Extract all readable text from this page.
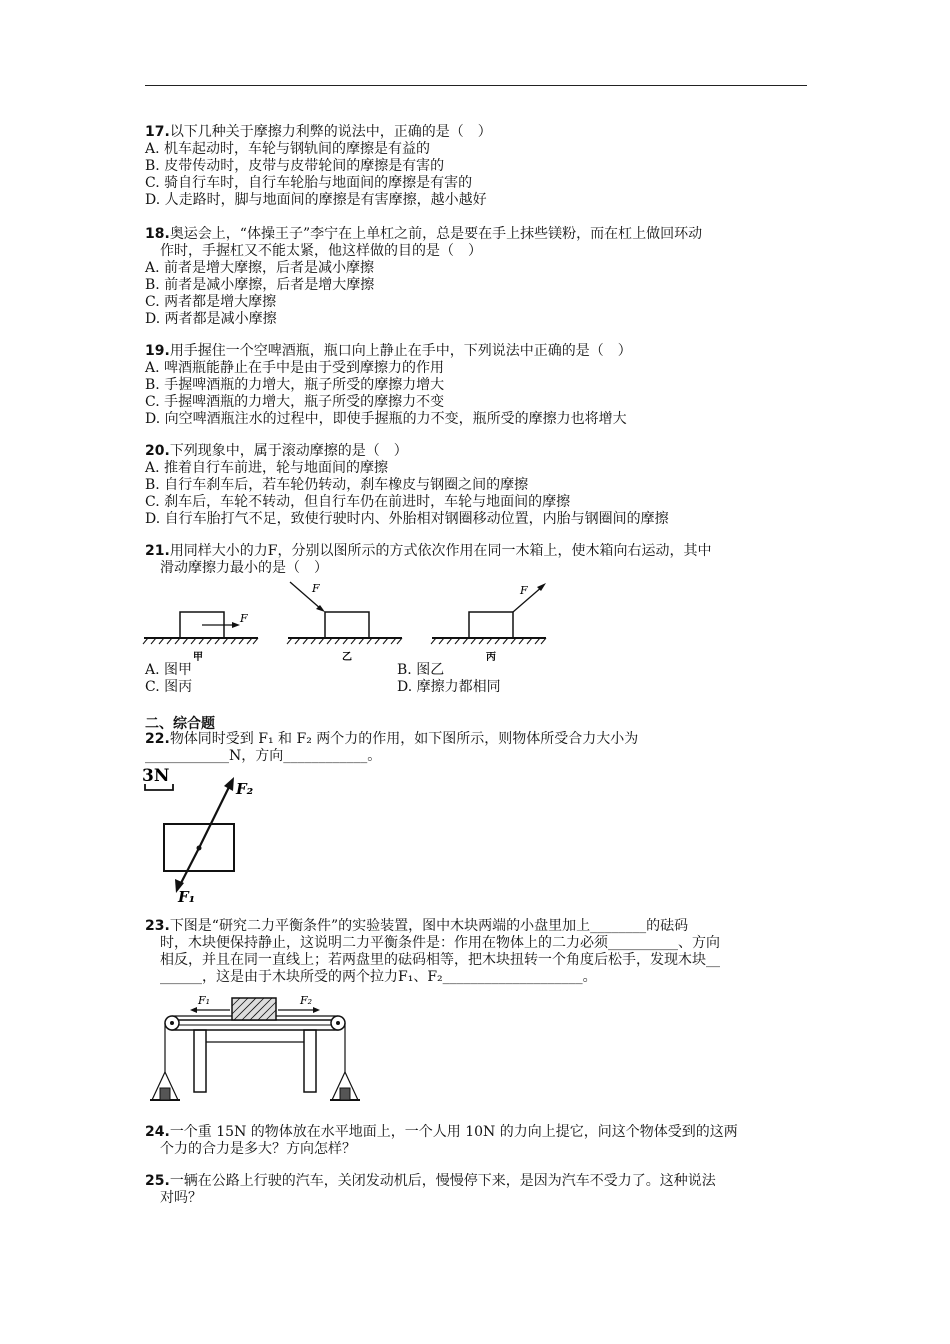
17.以下几种关于摩擦力利弊的说法中，正确的是（　）
A. 机车起动时，车轮与钢轨间的摩擦是有益的
B. 皮带传动时，皮带与皮带轮间的摩擦是有害的
C. 骑自行车时，自行车轮胎与地面间的摩擦是有害的
D. 人走路时，脚与地面间的摩擦是有害摩擦，越小越好
18.奥运会上，“体操王子”李宁在上单杠之前，总是要在手上抹些镁粉，而在杠上做回环动
作时，手握杠又不能太紧，他这样做的目的是（　）
A. 前者是增大摩擦，后者是减小摩擦
B. 前者是减小摩擦，后者是增大摩擦
C. 两者都是增大摩擦
D. 两者都是减小摩擦
19.用手握住一个空啤酒瓶，瓶口向上静止在手中，下列说法中正确的是（　）
A. 啤酒瓶能静止在手中是由于受到摩擦力的作用
B. 手握啤酒瓶的力增大，瓶子所受的摩擦力增大
C. 手握啤酒瓶的力增大，瓶子所受的摩擦力不变
D. 向空啤酒瓶注水的过程中，即使手握瓶的力不变，瓶所受的摩擦力也将增大
20.下列现象中，属于滚动摩擦的是（　）
A. 推着自行车前进，轮与地面间的摩擦
B. 自行车刹车后，若车轮仍转动，刹车橡皮与钢圈之间的摩擦
C. 刹车后，车轮不转动，但自行车仍在前进时，车轮与地面间的摩擦
D. 自行车胎打气不足，致使行驶时内、外胎相对钢圈移动位置，内胎与钢圈间的摩擦
21.用同样大小的力F，分别以图所示的方式依次作用在同一木箱上，使木箱向右运动，其中
滑动摩擦力最小的是（　）
F
甲
F
乙
F
丙
A. 图甲	B. 图乙
C. 图丙	D. 摩擦力都相同
二、综合题
22.物体同时受到 F₁ 和 F₂ 两个力的作用，如下图所示，则物体所受合力大小为
____________N，方向____________。
3N
F₂
F₁
23.下图是“研究二力平衡条件”的实验装置，图中木块两端的小盘里加上________的砝码
时，木块便保持静止，这说明二力平衡条件是：作用在物体上的二力必须__________、方向
相反，并且在同一直线上；若两盘里的砝码相等，把木块扭转一个角度后松手，发现木块__
______，这是由于木块所受的两个拉力F₁、F₂____________________。
F₁	F₂
24.一个重 15N 的物体放在水平地面上，一个人用 10N 的力向上提它，问这个物体受到的这两
个力的合力是多大？方向怎样？
25.一辆在公路上行驶的汽车，关闭发动机后，慢慢停下来，是因为汽车不受力了。这种说法
对吗？
